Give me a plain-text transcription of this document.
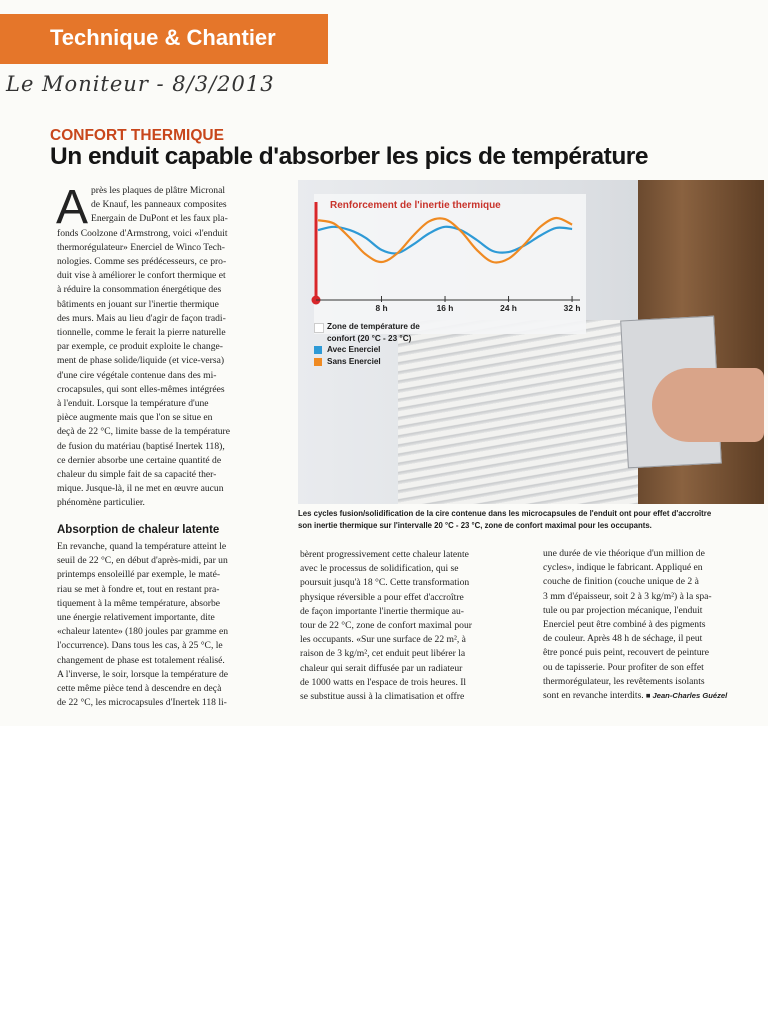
Technique & Chantier
Le Moniteur - 8/3/2013
CONFORT THERMIQUE
Un enduit capable d'absorber les pics de température
A près les plaques de plâtre Micronal
de Knauf, les panneaux composites
Energain de DuPont et les faux pla-
fonds Coolzone d'Armstrong, voici «l'enduit
thermorégulateur» Enerciel de Winco Tech-
nologies. Comme ses prédécesseurs, ce pro-
duit vise à améliorer le confort thermique et
à réduire la consommation énergétique des
bâtiments en jouant sur l'inertie thermique
des murs. Mais au lieu d'agir de façon tradi-
tionnelle, comme le ferait la pierre naturelle
par exemple, ce produit exploite le change-
ment de phase solide/liquide (et vice-versa)
d'une cire végétale contenue dans des mi-
crocapsules, qui sont elles-mêmes intégrées
à l'enduit. Lorsque la température d'une
pièce augmente mais que l'on se situe en
deçà de 22 °C, limite basse de la température
de fusion du matériau (baptisé Inertek 118),
ce dernier absorbe une certaine quantité de
chaleur du simple fait de sa capacité ther-
mique. Jusque-là, il ne met en œuvre aucun
phénomène particulier.
Absorption de chaleur latente
En revanche, quand la température atteint le
seuil de 22 °C, en début d'après-midi, par un
printemps ensoleillé par exemple, le maté-
riau se met à fondre et, tout en restant pra-
tiquement à la même température, absorbe
une énergie relativement importante, dite
«chaleur latente» (180 joules par gramme en
l'occurrence). Dans tous les cas, à 25 °C, le
changement de phase est totalement réalisé.
A l'inverse, le soir, lorsque la température de
cette même pièce tend à descendre en deçà
de 22 °C, les microcapsules d'Inertek 118 li-
bèrent progressivement cette chaleur latente
avec le processus de solidification, qui se
poursuit jusqu'à 18 °C. Cette transformation
physique réversible a pour effet d'accroître
de façon importante l'inertie thermique au-
tour de 22 °C, zone de confort maximal pour
les occupants. «Sur une surface de 22 m², à
raison de 3 kg/m², cet enduit peut libérer la
chaleur qui serait diffusée par un radiateur
de 1000 watts en l'espace de trois heures. Il
se substitue aussi à la climatisation et offre
une durée de vie théorique d'un million de
cycles», indique le fabricant. Appliqué en
couche de finition (couche unique de 2 à
3 mm d'épaisseur, soit 2 à 3 kg/m²) à la spa-
tule ou par projection mécanique, l'enduit
Enerciel peut être combiné à des pigments
de couleur. Après 48 h de séchage, il peut
être poncé puis peint, recouvert de peinture
ou de tapisserie. Pour profiter de son effet
thermorégulateur, les revêtements isolants
sont en revanche interdits. ■ Jean-Charles Guézel
8 h	16 h	24 h	32 h
Renforcement de l'inertie thermique
Zone de température de confort (20 °C - 23 °C)
Avec Enerciel
Sans Enerciel
Les cycles fusion/solidification de la cire contenue dans les microcapsules de l'enduit ont pour effet d'accroître
son inertie thermique sur l'intervalle 20 °C - 23 °C, zone de confort maximal pour les occupants.
